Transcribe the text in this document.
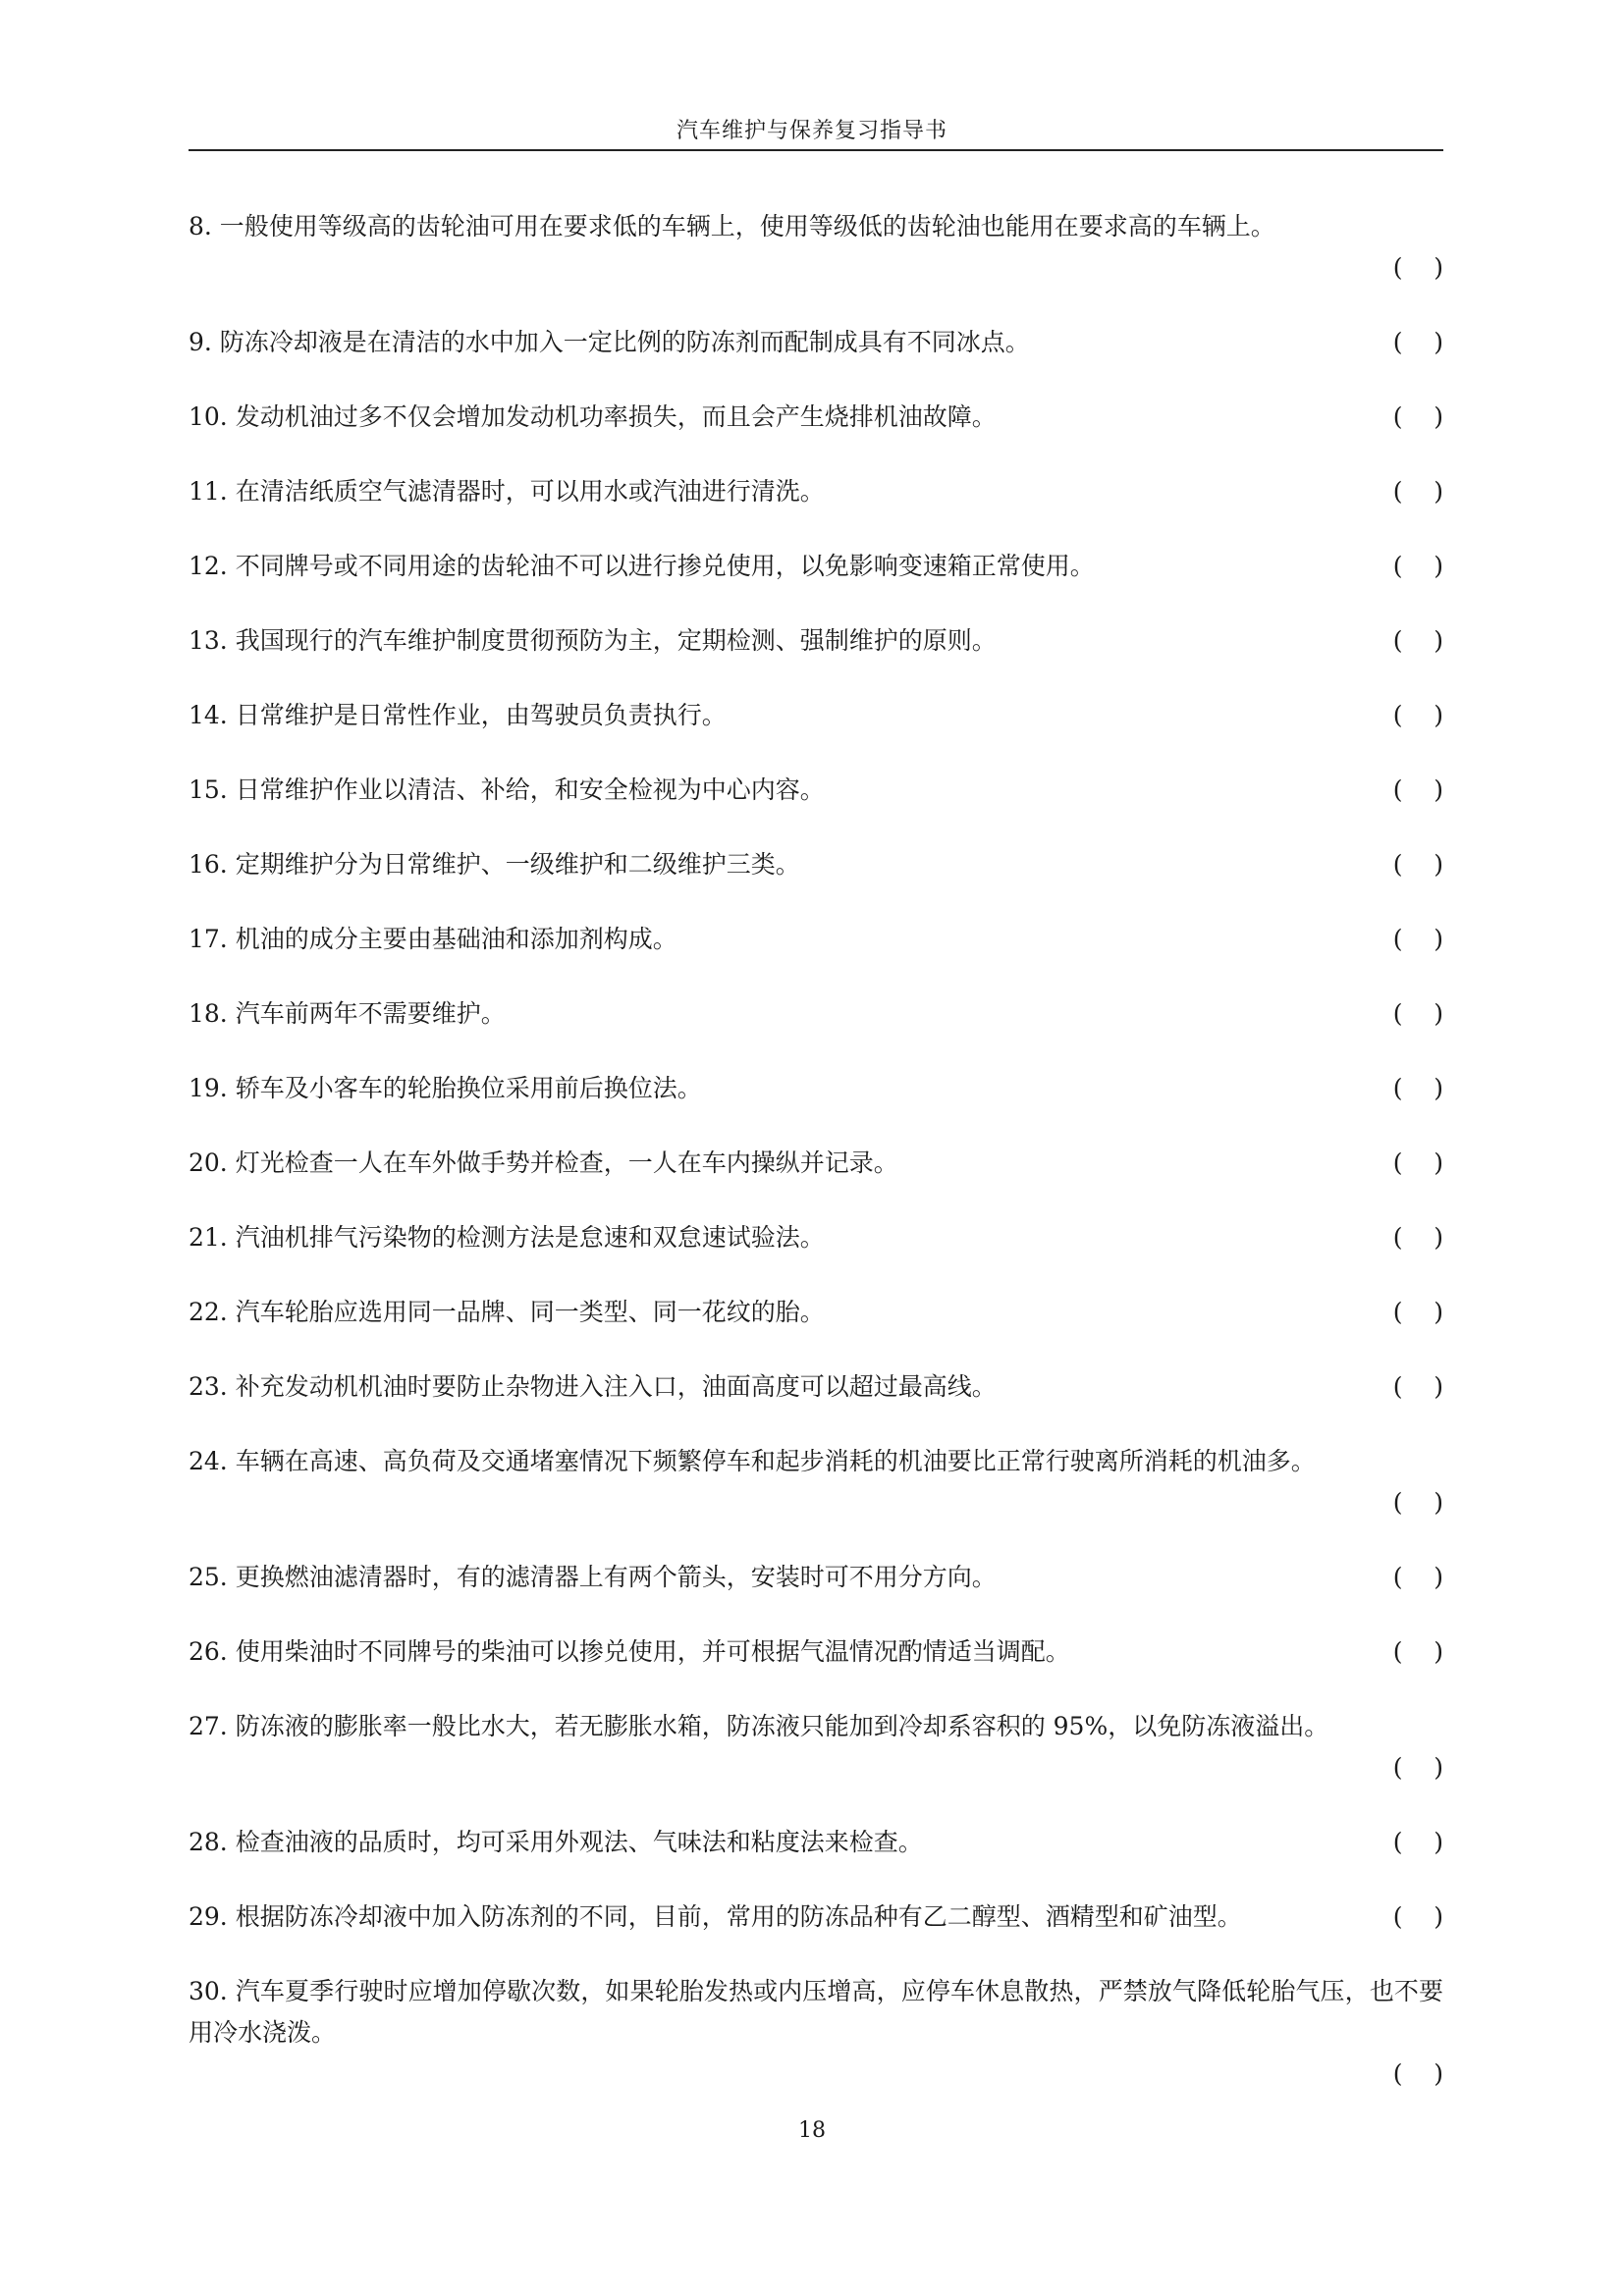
汽车维护与保养复习指导书
8. 一般使用等级高的齿轮油可用在要求低的车辆上，使用等级低的齿轮油也能用在要求高的车辆上。
(    )
9. 防冻冷却液是在清洁的水中加入一定比例的防冻剂而配制成具有不同冰点。	(    )
10. 发动机油过多不仅会增加发动机功率损失，而且会产生烧排机油故障。	(    )
11. 在清洁纸质空气滤清器时，可以用水或汽油进行清洗。	(    )
12. 不同牌号或不同用途的齿轮油不可以进行掺兑使用，以免影响变速箱正常使用。	(    )
13. 我国现行的汽车维护制度贯彻预防为主，定期检测、强制维护的原则。	(    )
14. 日常维护是日常性作业，由驾驶员负责执行。	(    )
15. 日常维护作业以清洁、补给，和安全检视为中心内容。	(    )
16. 定期维护分为日常维护、一级维护和二级维护三类。	(    )
17. 机油的成分主要由基础油和添加剂构成。	(    )
18. 汽车前两年不需要维护。	(    )
19. 轿车及小客车的轮胎换位采用前后换位法。	(    )
20. 灯光检查一人在车外做手势并检查，一人在车内操纵并记录。	(    )
21. 汽油机排气污染物的检测方法是怠速和双怠速试验法。	(    )
22. 汽车轮胎应选用同一品牌、同一类型、同一花纹的胎。	(    )
23. 补充发动机机油时要防止杂物进入注入口，油面高度可以超过最高线。	(    )
24. 车辆在高速、高负荷及交通堵塞情况下频繁停车和起步消耗的机油要比正常行驶离所消耗的机油多。
(    )
25. 更换燃油滤清器时，有的滤清器上有两个箭头，安装时可不用分方向。	(    )
26. 使用柴油时不同牌号的柴油可以掺兑使用，并可根据气温情况酌情适当调配。	(    )
27. 防冻液的膨胀率一般比水大，若无膨胀水箱，防冻液只能加到冷却系容积的 95%，以免防冻液溢出。
(    )
28. 检查油液的品质时，均可采用外观法、气味法和粘度法来检查。	(    )
29. 根据防冻冷却液中加入防冻剂的不同，目前，常用的防冻品种有乙二醇型、酒精型和矿油型。	(    )
30. 汽车夏季行驶时应增加停歇次数，如果轮胎发热或内压增高，应停车休息散热，严禁放气降低轮胎气压，也不要用冷水浇泼。
(    )
18
